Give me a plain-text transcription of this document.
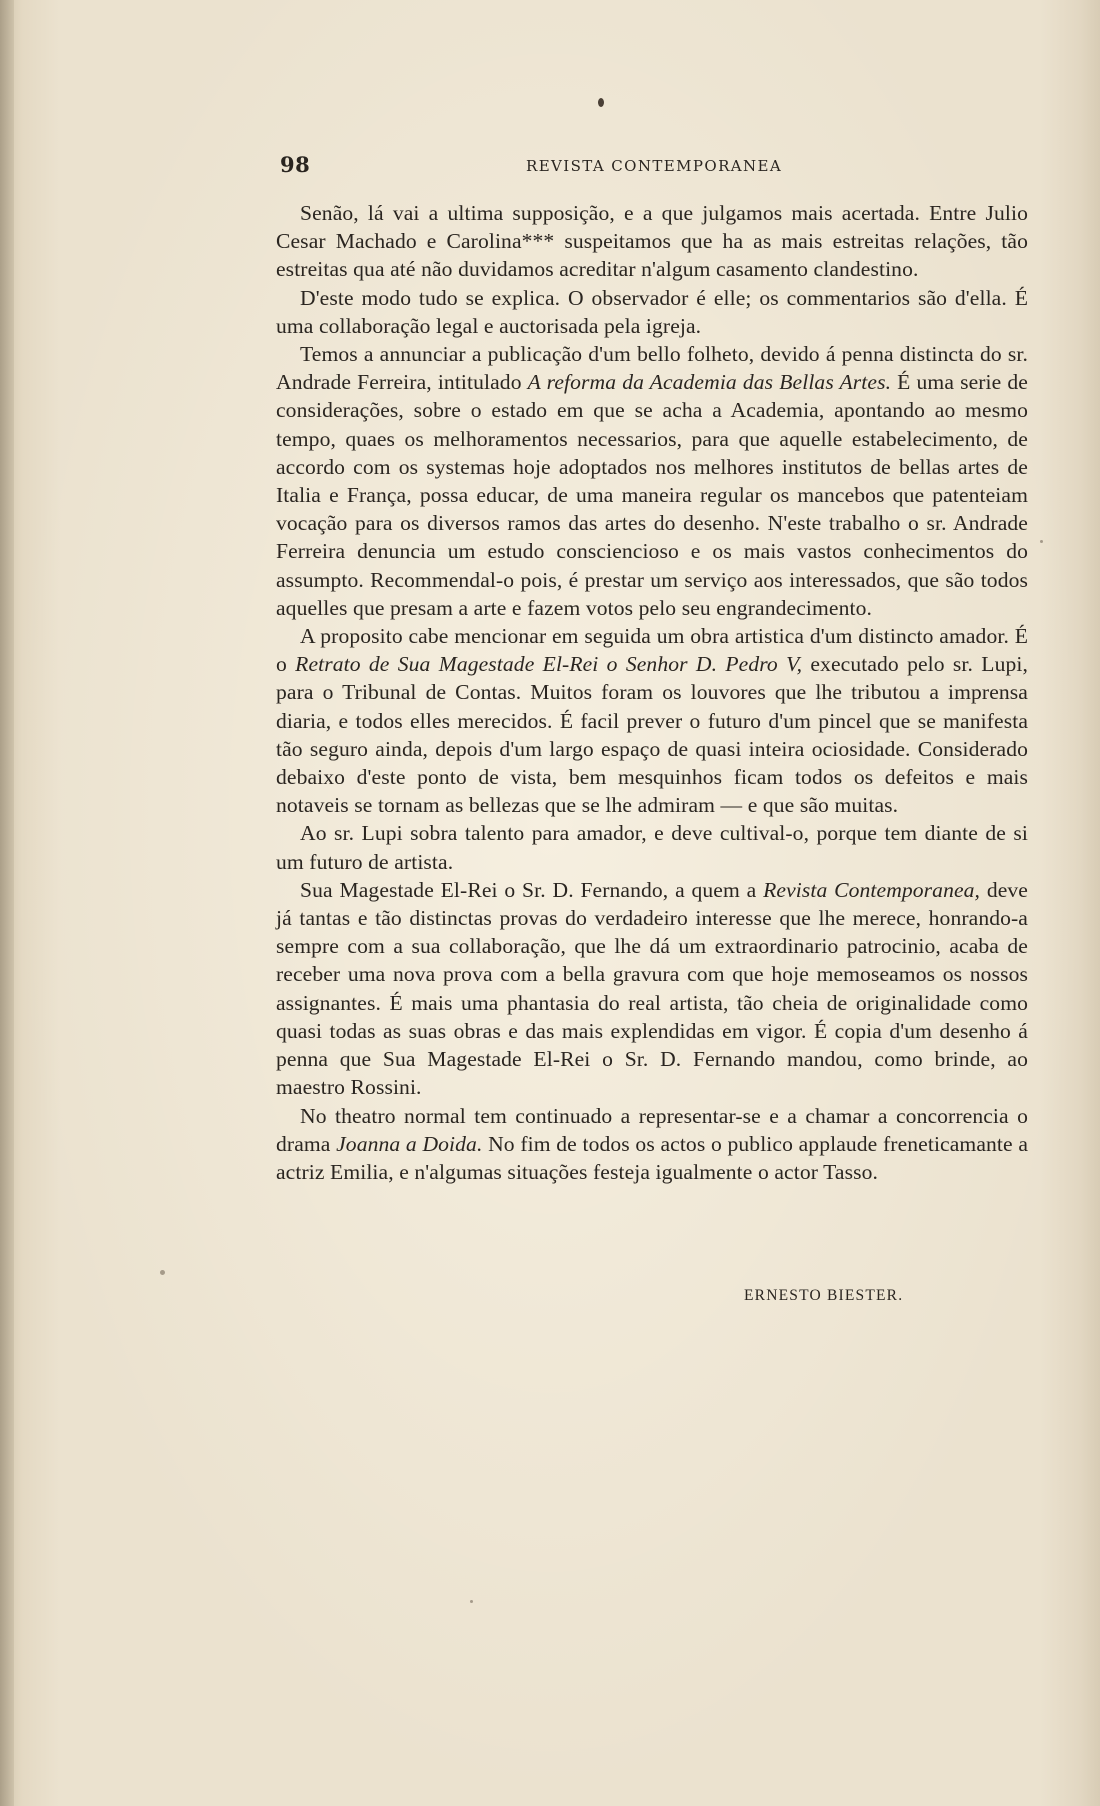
98	REVISTA CONTEMPORANEA

Senão, lá vai a ultima supposição, e a que julgamos mais acertada. Entre Julio Cesar Machado e Carolina*** suspeitamos que ha as mais estreitas relações, tão estreitas qua até não duvidamos acreditar n'algum casamento clandestino.

D'este modo tudo se explica. O observador é elle; os commentarios são d'ella. É uma collaboração legal e auctorisada pela igreja.

Temos a annunciar a publicação d'um bello folheto, devido á penna distincta do sr. Andrade Ferreira, intitulado A reforma da Academia das Bellas Artes. É uma serie de considerações, sobre o estado em que se acha a Academia, apontando ao mesmo tempo, quaes os melhoramentos necessarios, para que aquelle estabelecimento, de accordo com os systemas hoje adoptados nos melhores institutos de bellas artes de Italia e França, possa educar, de uma maneira regular os mancebos que patenteiam vocação para os diversos ramos das artes do desenho. N'este trabalho o sr. Andrade Ferreira denuncia um estudo consciencioso e os mais vastos conhecimentos do assumpto. Recommendal-o pois, é prestar um serviço aos interessados, que são todos aquelles que presam a arte e fazem votos pelo seu engrandecimento.

A proposito cabe mencionar em seguida um obra artistica d'um distincto amador. É o Retrato de Sua Magestade El-Rei o Senhor D. Pedro V, executado pelo sr. Lupi, para o Tribunal de Contas. Muitos foram os louvores que lhe tributou a imprensa diaria, e todos elles merecidos. É facil prever o futuro d'um pincel que se manifesta tão seguro ainda, depois d'um largo espaço de quasi inteira ociosidade. Considerado debaixo d'este ponto de vista, bem mesquinhos ficam todos os defeitos e mais notaveis se tornam as bellezas que se lhe admiram — e que são muitas.

Ao sr. Lupi sobra talento para amador, e deve cultival-o, porque tem diante de si um futuro de artista.

Sua Magestade El-Rei o Sr. D. Fernando, a quem a Revista Contemporanea, deve já tantas e tão distinctas provas do verdadeiro interesse que lhe merece, honrando-a sempre com a sua collaboração, que lhe dá um extraordinario patrocinio, acaba de receber uma nova prova com a bella gravura com que hoje memoseamos os nossos assignantes. É mais uma phantasia do real artista, tão cheia de originalidade como quasi todas as suas obras e das mais explendidas em vigor. É copia d'um desenho á penna que Sua Magestade El-Rei o Sr. D. Fernando mandou, como brinde, ao maestro Rossini.

No theatro normal tem continuado a representar-se e a chamar a concorrencia o drama Joanna a Doida. No fim de todos os actos o publico applaude freneticamante a actriz Emilia, e n'algumas situações festeja igualmente o actor Tasso.

ERNESTO BIESTER.
